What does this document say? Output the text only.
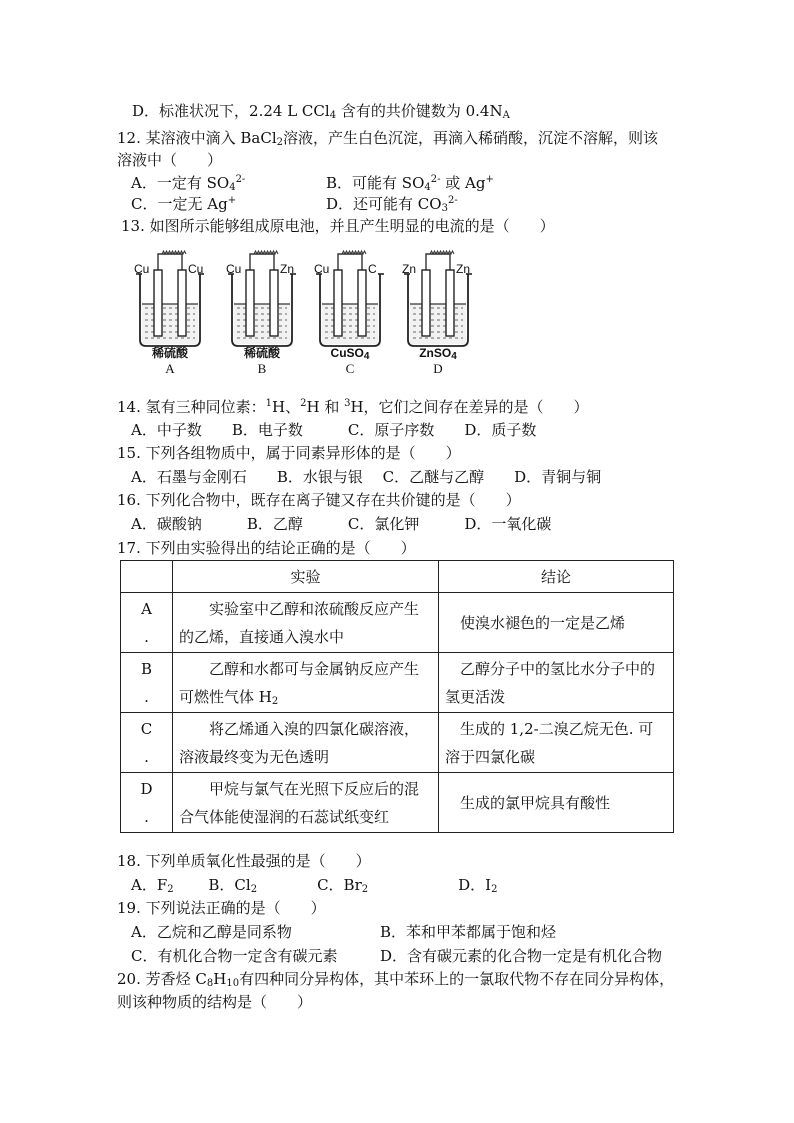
D．标准状况下，2.24 L CCl$_4$ 含有的共价键数为 $0.4N_A$
12. 某溶液中滴入 BaCl$_2$溶液，产生白色沉淀，再滴入稀硝酸，沉淀不溶解，则该
溶液中（　　）
A．一定有 $SO_4^{2-}$	B．可能有 $SO_4^{2-}$ 或 Ag+
C．一定无 Ag+	D．还可能有 $CO_3^{2-}$
13. 如图所示能够组成原电池，并且产生明显的电流的是（　　）
Cu	Cu
稀硫酸
A
Cu	Zn
稀硫酸
B
Cu	C
CuSO$_4$
C
Zn	Zn
ZnSO$_4$
D
14. 氢有三种同位素：$^1$H、$^2$H 和 $^3$H，它们之间存在差异的是（　　）
A．中子数　　B．电子数　　　C．原子序数　　D．质子数
15. 下列各组物质中，属于同素异形体的是（　　）
A．石墨与金刚石　　B．水银与银　 C．乙醚与乙醇　　D．青铜与铜
16. 下列化合物中，既存在离子键又存在共价键的是（　　）
A．碳酸钠　　　B．乙醇　　　C．氯化钾　　　D．一氧化碳
17. 下列由实验得出的结论正确的是（　　）
	实验	结论
A
.	实验室中乙醇和浓硫酸反应产生的乙烯，直接通入溴水中	使溴水褪色的一定是乙烯
B
.	乙醇和水都可与金属钠反应产生可燃性气体 $H_2$	乙醇分子中的氢比水分子中的氢更活泼
C
.	将乙烯通入溴的四氯化碳溶液，溶液最终变为无色透明	生成的 1,2-二溴乙烷无色. 可溶于四氯化碳
D
.	甲烷与氯气在光照下反应后的混合气体能使湿润的石蕊试纸变红	生成的氯甲烷具有酸性
18. 下列单质氧化性最强的是（　　）
A．$F_2$　　 B．$Cl_2$　　　　C．$Br_2$　　　　　　D．$I_2$
19. 下列说法正确的是（　　）
A．乙烷和乙醇是同系物	B．苯和甲苯都属于饱和烃
C．有机化合物一定含有碳元素	D．含有碳元素的化合物一定是有机化合物
20. 芳香烃 $C_8H_{10}$有四种同分异构体，其中苯环上的一氯取代物不存在同分异构体，
则该种物质的结构是（　　）
